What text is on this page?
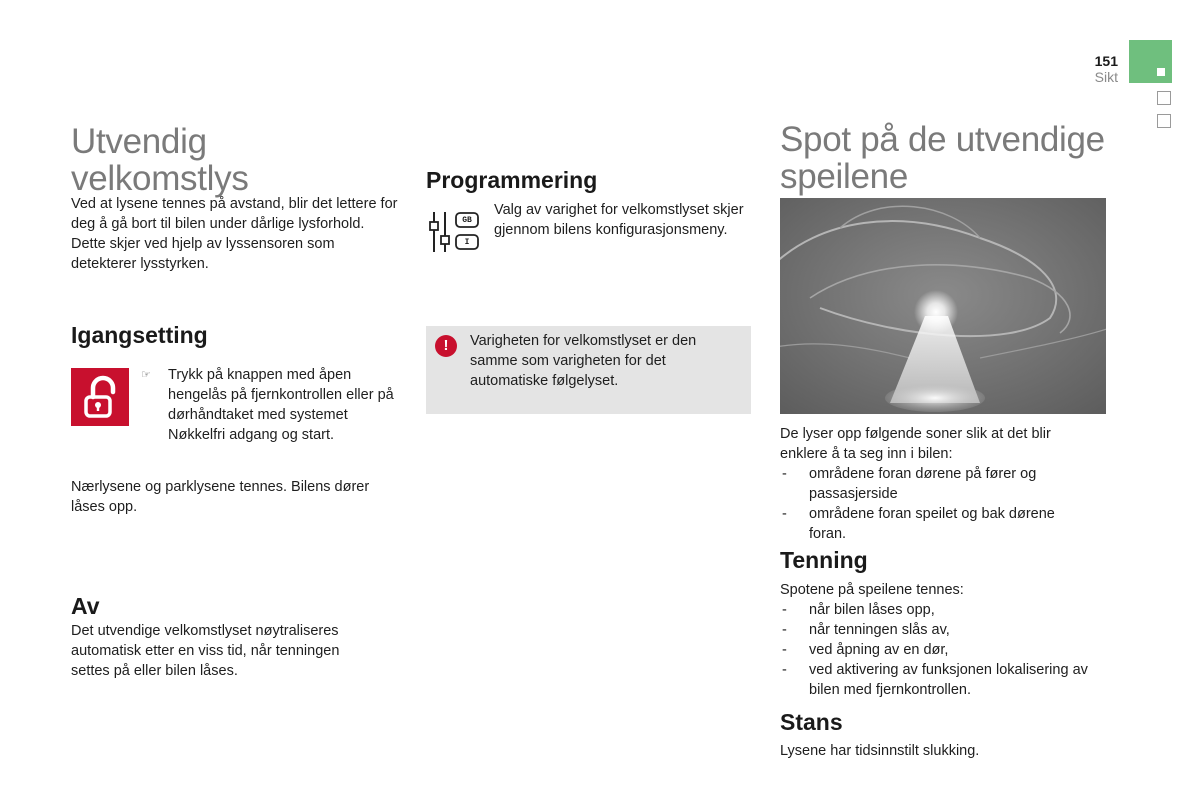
151
Sikt
Utvendig velkomstlys
Ved at lysene tennes på avstand, blir det lettere for deg å gå bort til bilen under dårlige lysforhold. Dette skjer ved hjelp av lyssensoren som detekterer lysstyrken.
Igangsetting
☞ Trykk på knappen med åpen hengelås på fjernkontrollen eller på dørhåndtaket med systemet Nøkkelfri adgang og start.
Nærlysene og parklysene tennes. Bilens dører låses opp.
Av
Det utvendige velkomstlyset nøytraliseres automatisk etter en viss tid, når tenningen settes på eller bilen låses.
Programmering
GB
I
Valg av varighet for velkomstlyset skjer gjennom bilens konfigurasjonsmeny.
!	Varigheten for velkomstlyset er den samme som varigheten for det automatiske følgelyset.
Spot på de utvendige speilene
De lyser opp følgende soner slik at det blir enklere å ta seg inn i bilen:
- områdene foran dørene på fører og passasjerside
- områdene foran speilet og bak dørene foran.
Tenning
Spotene på speilene tennes:
- når bilen låses opp,
- når tenningen slås av,
- ved åpning av en dør,
- ved aktivering av funksjonen lokalisering av bilen med fjernkontrollen.
Stans
Lysene har tidsinnstilt slukking.
